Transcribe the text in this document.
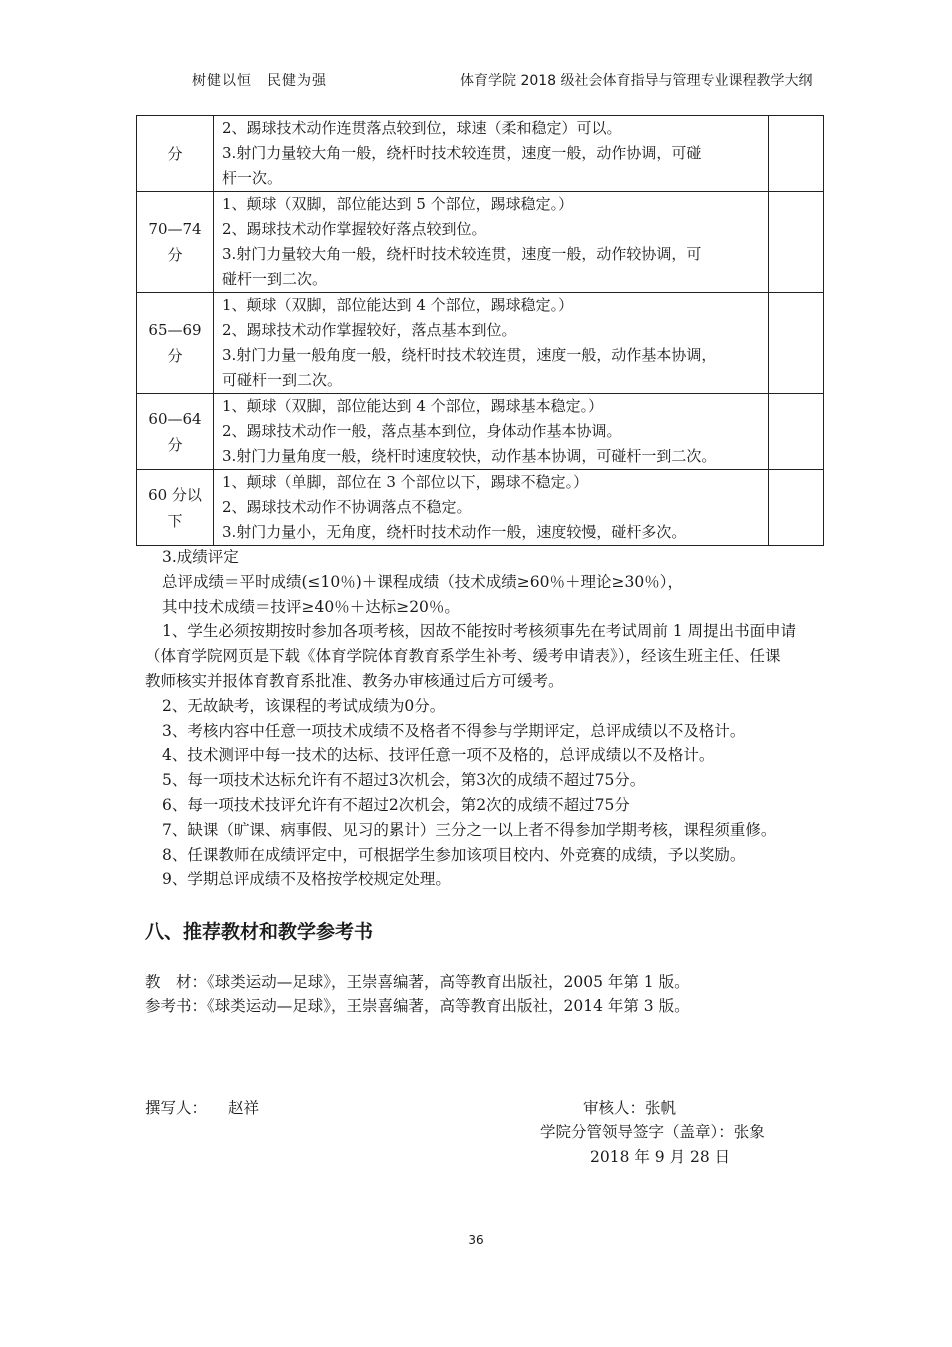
树健以恒　民健为强	体育学院 2018 级社会体育指导与管理专业课程教学大纲
分	2、踢球技术动作连贯落点较到位，球速（柔和稳定）可以。
3.射门力量较大角一般，绕杆时技术较连贯，速度一般，动作协调，可碰
杆一次。	

70—74
分	1、颠球（双脚，部位能达到 5 个部位，踢球稳定。）
2、踢球技术动作掌握较好落点较到位。
3.射门力量较大角一般，绕杆时技术较连贯，速度一般，动作较协调，可
碰杆一到二次。	

65—69
分	1、颠球（双脚，部位能达到 4 个部位，踢球稳定。）
2、踢球技术动作掌握较好，落点基本到位。
3.射门力量一般角度一般，绕杆时技术较连贯，速度一般，动作基本协调，
可碰杆一到二次。	

60—64
分	1、颠球（双脚，部位能达到 4 个部位，踢球基本稳定。）
2、踢球技术动作一般，落点基本到位，身体动作基本协调。
3.射门力量角度一般，绕杆时速度较快，动作基本协调，可碰杆一到二次。	

60 分以
下	1、颠球（单脚，部位在 3 个部位以下，踢球不稳定。）
2、踢球技术动作不协调落点不稳定。
3.射门力量小，无角度，绕杆时技术动作一般，速度较慢，碰杆多次。	

3.成绩评定
总评成绩＝平时成绩(≤10％)＋课程成绩（技术成绩≥60％＋理论≥30％），
其中技术成绩＝技评≥40％＋达标≥20％。
1、学生必须按期按时参加各项考核，因故不能按时考核须事先在考试周前 1 周提出书面申请
（体育学院网页是下载《体育学院体育教育系学生补考、缓考申请表》），经该生班主任、任课
教师核实并报体育教育系批准、教务办审核通过后方可缓考。
2、无故缺考，该课程的考试成绩为0分。
3、考核内容中任意一项技术成绩不及格者不得参与学期评定，总评成绩以不及格计。
4、技术测评中每一技术的达标、技评任意一项不及格的，总评成绩以不及格计。
5、每一项技术达标允许有不超过3次机会，第3次的成绩不超过75分。
6、每一项技术技评允许有不超过2次机会，第2次的成绩不超过75分
7、缺课（旷课、病事假、见习的累计）三分之一以上者不得参加学期考核，课程须重修。
8、任课教师在成绩评定中，可根据学生参加该项目校内、外竞赛的成绩，予以奖励。
9、学期总评成绩不及格按学校规定处理。
八、推荐教材和教学参考书
教　材：《球类运动—足球》，王崇喜编著，高等教育出版社，2005 年第 1 版。
参考书：《球类运动—足球》，王崇喜编著，高等教育出版社，2014 年第 3 版。
撰写人： 赵祥	审核人：张帆
学院分管领导签字（盖章）：张象
2018 年 9 月 28 日
36
